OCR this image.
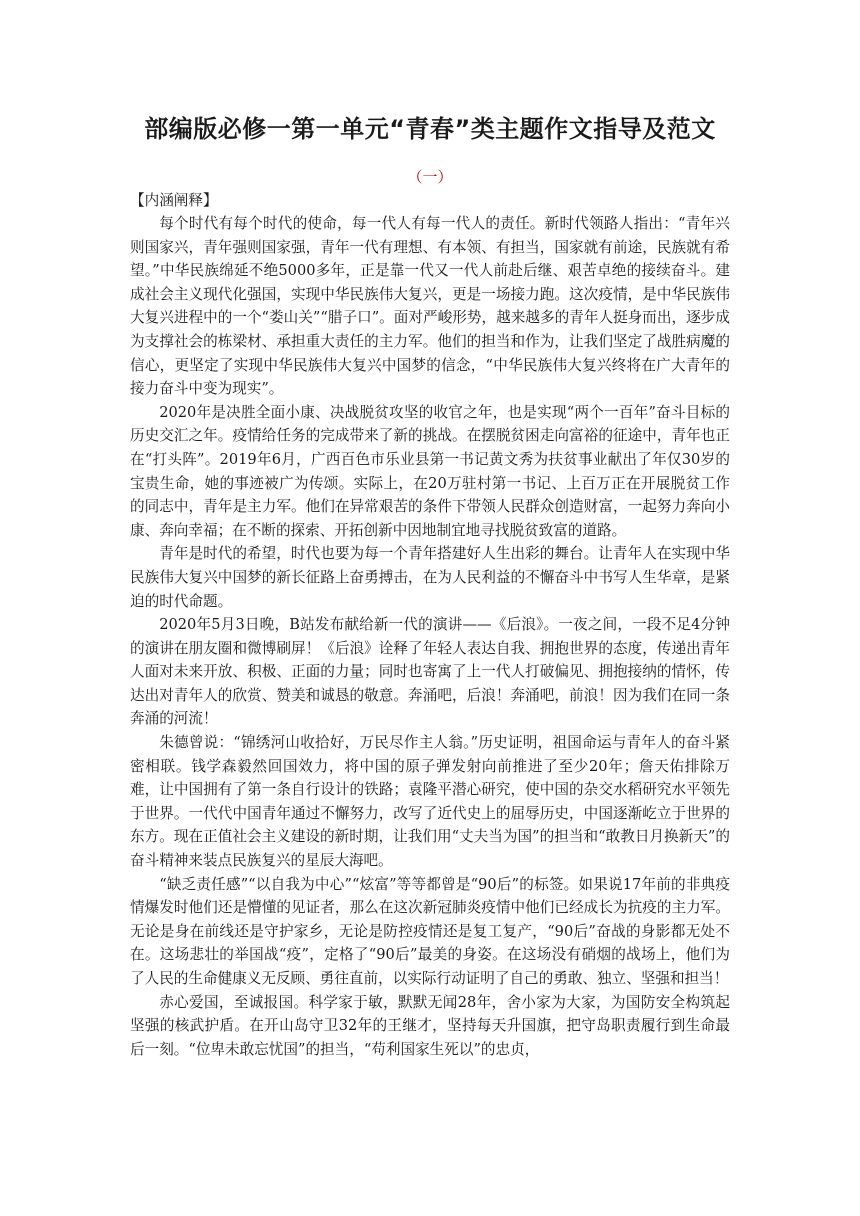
部编版必修一第一单元“青春”类主题作文指导及范文
（一）
【内涵阐释】

每个时代有每个时代的使命，每一代人有每一代人的责任。新时代领路人指出：“青年兴则国家兴，青年强则国家强，青年一代有理想、有本领、有担当，国家就有前途，民族就有希望。”中华民族绵延不绝5000多年，正是靠一代又一代人前赴后继、艰苦卓绝的接续奋斗。建成社会主义现代化强国，实现中华民族伟大复兴，更是一场接力跑。这次疫情，是中华民族伟大复兴进程中的一个“娄山关”“腊子口”。面对严峻形势，越来越多的青年人挺身而出，逐步成为支撑社会的栋梁材、承担重大责任的主力军。他们的担当和作为，让我们坚定了战胜病魔的信心，更坚定了实现中华民族伟大复兴中国梦的信念，“中华民族伟大复兴终将在广大青年的接力奋斗中变为现实”。

2020年是决胜全面小康、决战脱贫攻坚的收官之年，也是实现“两个一百年”奋斗目标的历史交汇之年。疫情给任务的完成带来了新的挑战。在摆脱贫困走向富裕的征途中，青年也正在“打头阵”。2019年6月，广西百色市乐业县第一书记黄文秀为扶贫事业献出了年仅30岁的宝贵生命，她的事迹被广为传颂。实际上，在20万驻村第一书记、上百万正在开展脱贫工作的同志中，青年是主力军。他们在异常艰苦的条件下带领人民群众创造财富，一起努力奔向小康、奔向幸福；在不断的探索、开拓创新中因地制宜地寻找脱贫致富的道路。

青年是时代的希望，时代也要为每一个青年搭建好人生出彩的舞台。让青年人在实现中华民族伟大复兴中国梦的新长征路上奋勇搏击，在为人民利益的不懈奋斗中书写人生华章，是紧迫的时代命题。

2020年5月3日晚，B站发布献给新一代的演讲——《后浪》。一夜之间，一段不足4分钟的演讲在朋友圈和微博刷屏！《后浪》诠释了年轻人表达自我、拥抱世界的态度，传递出青年人面对未来开放、积极、正面的力量；同时也寄寓了上一代人打破偏见、拥抱接纳的情怀，传达出对青年人的欣赏、赞美和诚恳的敬意。奔涌吧，后浪！奔涌吧，前浪！因为我们在同一条奔涌的河流！

朱德曾说：“锦绣河山收拾好，万民尽作主人翁。”历史证明，祖国命运与青年人的奋斗紧密相联。钱学森毅然回国效力，将中国的原子弹发射向前推进了至少20年；詹天佑排除万难，让中国拥有了第一条自行设计的铁路；袁隆平潜心研究，使中国的杂交水稻研究水平领先于世界。一代代中国青年通过不懈努力，改写了近代史上的屈辱历史，中国逐渐屹立于世界的东方。现在正值社会主义建设的新时期，让我们用“丈夫当为国”的担当和“敢教日月换新天”的奋斗精神来装点民族复兴的星辰大海吧。

“缺乏责任感”“以自我为中心”“炫富”等等都曾是“90后”的标签。如果说17年前的非典疫情爆发时他们还是懵懂的见证者，那么在这次新冠肺炎疫情中他们已经成长为抗疫的主力军。无论是身在前线还是守护家乡，无论是防控疫情还是复工复产，“90后”奋战的身影都无处不在。这场悲壮的举国战“疫”，定格了“90后”最美的身姿。在这场没有硝烟的战场上，他们为了人民的生命健康义无反顾、勇往直前，以实际行动证明了自己的勇敢、独立、坚强和担当！

赤心爱国，至诚报国。科学家于敏，默默无闻28年，舍小家为大家，为国防安全构筑起坚强的核武护盾。在开山岛守卫32年的王继才，坚持每天升国旗，把守岛职责履行到生命最后一刻。“位卑未敢忘忧国”的担当，“苟利国家生死以”的忠贞，
